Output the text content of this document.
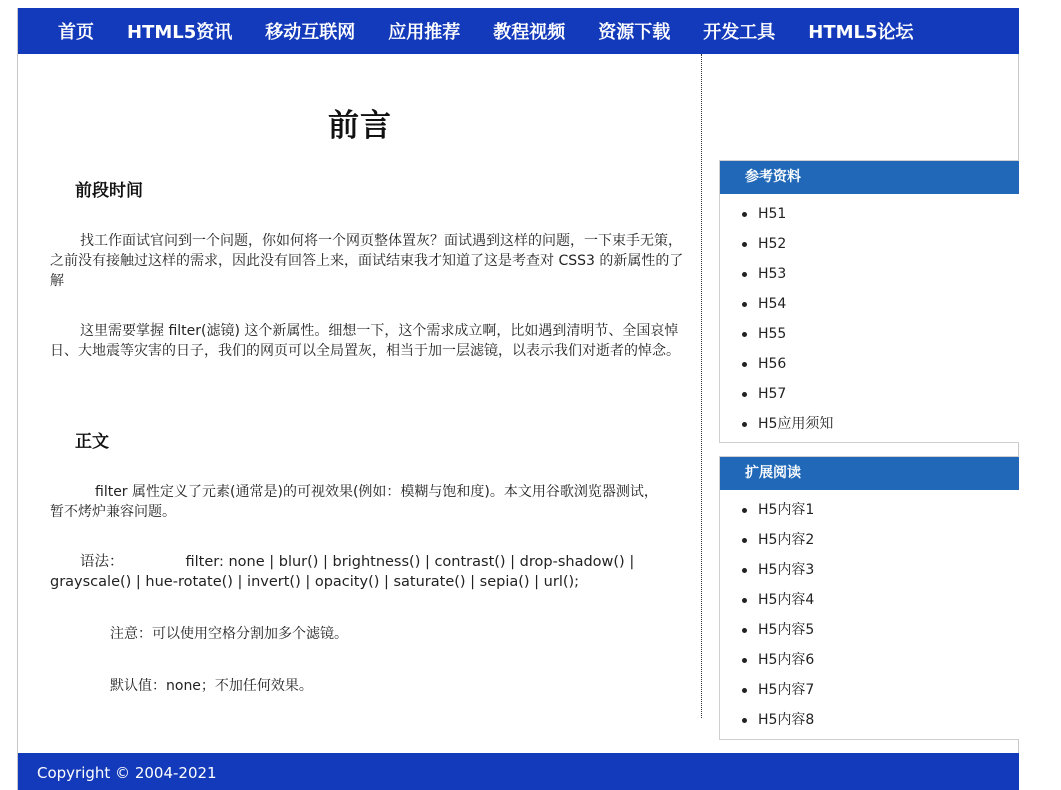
首页 HTML5资讯 移动互联网 应用推荐 教程视频 资源下载 开发工具 HTML5论坛
前言
前段时间

找工作面试官问到一个问题，你如何将一个网页整体置灰？面试遇到这样的问题，一下束手无策，之前没有接触过这样的需求，因此没有回答上来，面试结束我才知道了这是考查对 CSS3 的新属性的了解

这里需要掌握 filter(滤镜) 这个新属性。细想一下，这个需求成立啊，比如遇到清明节、全国哀悼日、大地震等灾害的日子，我们的网页可以全局置灰，相当于加一层滤镜，以表示我们对逝者的悼念。

正文

filter 属性定义了元素(通常是)的可视效果(例如：模糊与饱和度)。本文用谷歌浏览器测试，暂不烤炉兼容问题。

语法：	filter: none | blur() | brightness() | contrast() | drop-shadow() | grayscale() | hue-rotate() | invert() | opacity() | saturate() | sepia() | url();

注意：可以使用空格分割加多个滤镜。

默认值：none；不加任何效果。

参考资料
H51
H52
H53
H54
H55
H56
H57
H5应用须知
扩展阅读
H5内容1
H5内容2
H5内容3
H5内容4
H5内容5
H5内容6
H5内容7
H5内容8
Copyright © 2004-2021
